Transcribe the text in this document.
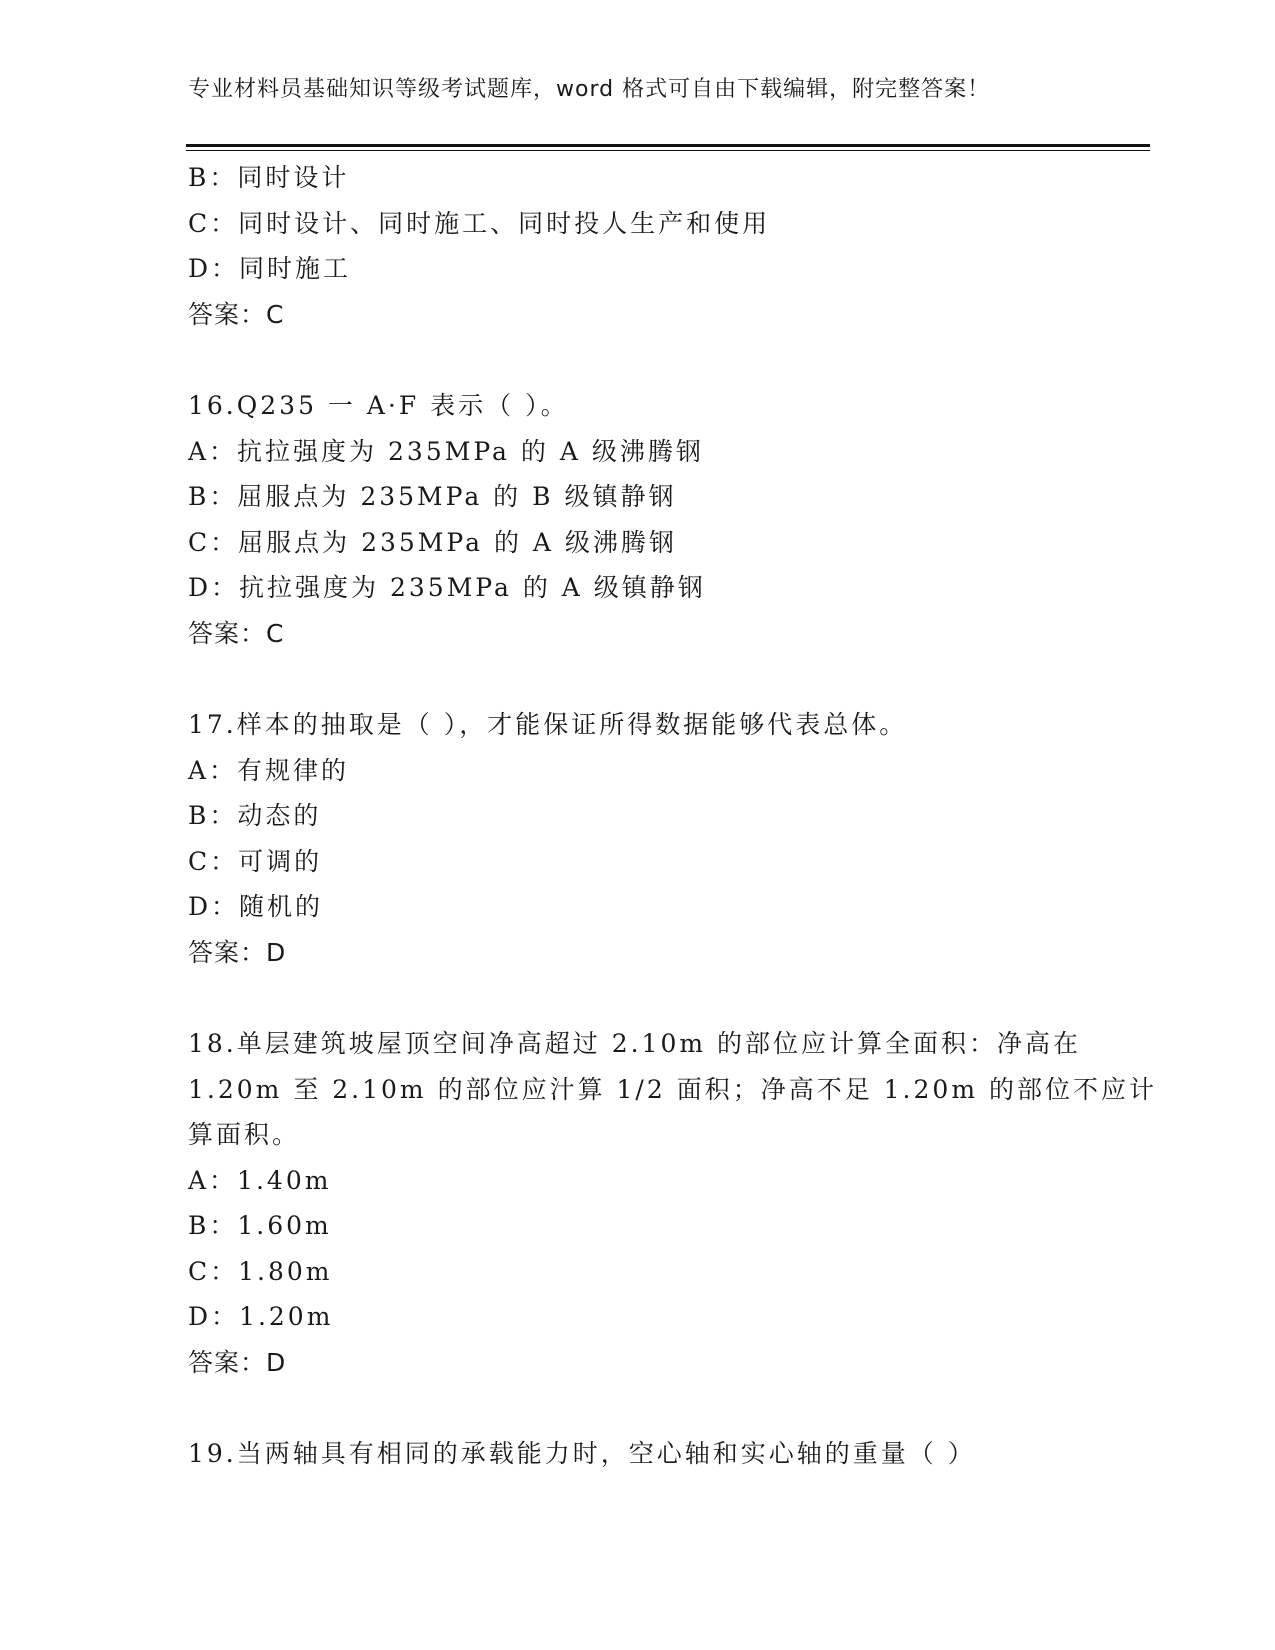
专业材料员基础知识等级考试题库，word 格式可自由下载编辑，附完整答案！
B：同时设计
C：同时设计、同时施工、同时投人生产和使用
D：同时施工
答案：C
16.Q235 一 A·F 表示（ ）。
A：抗拉强度为 235MPa 的 A 级沸腾钢
B：屈服点为 235MPa 的 B 级镇静钢
C：屈服点为 235MPa 的 A 级沸腾钢
D：抗拉强度为 235MPa 的 A 级镇静钢
答案：C
17.样本的抽取是（ ），才能保证所得数据能够代表总体。
A：有规律的
B：动态的
C：可调的
D：随机的
答案：D
18.单层建筑坡屋顶空间净高超过 2.10m 的部位应计算全面积：净高在
1.20m 至 2.10m 的部位应汁算 1/2 面积；净高不足 1.20m 的部位不应计
算面积。
A：1.40m
B：1.60m
C：1.80m
D：1.20m
答案：D
19.当两轴具有相同的承载能力时，空心轴和实心轴的重量（ ）
